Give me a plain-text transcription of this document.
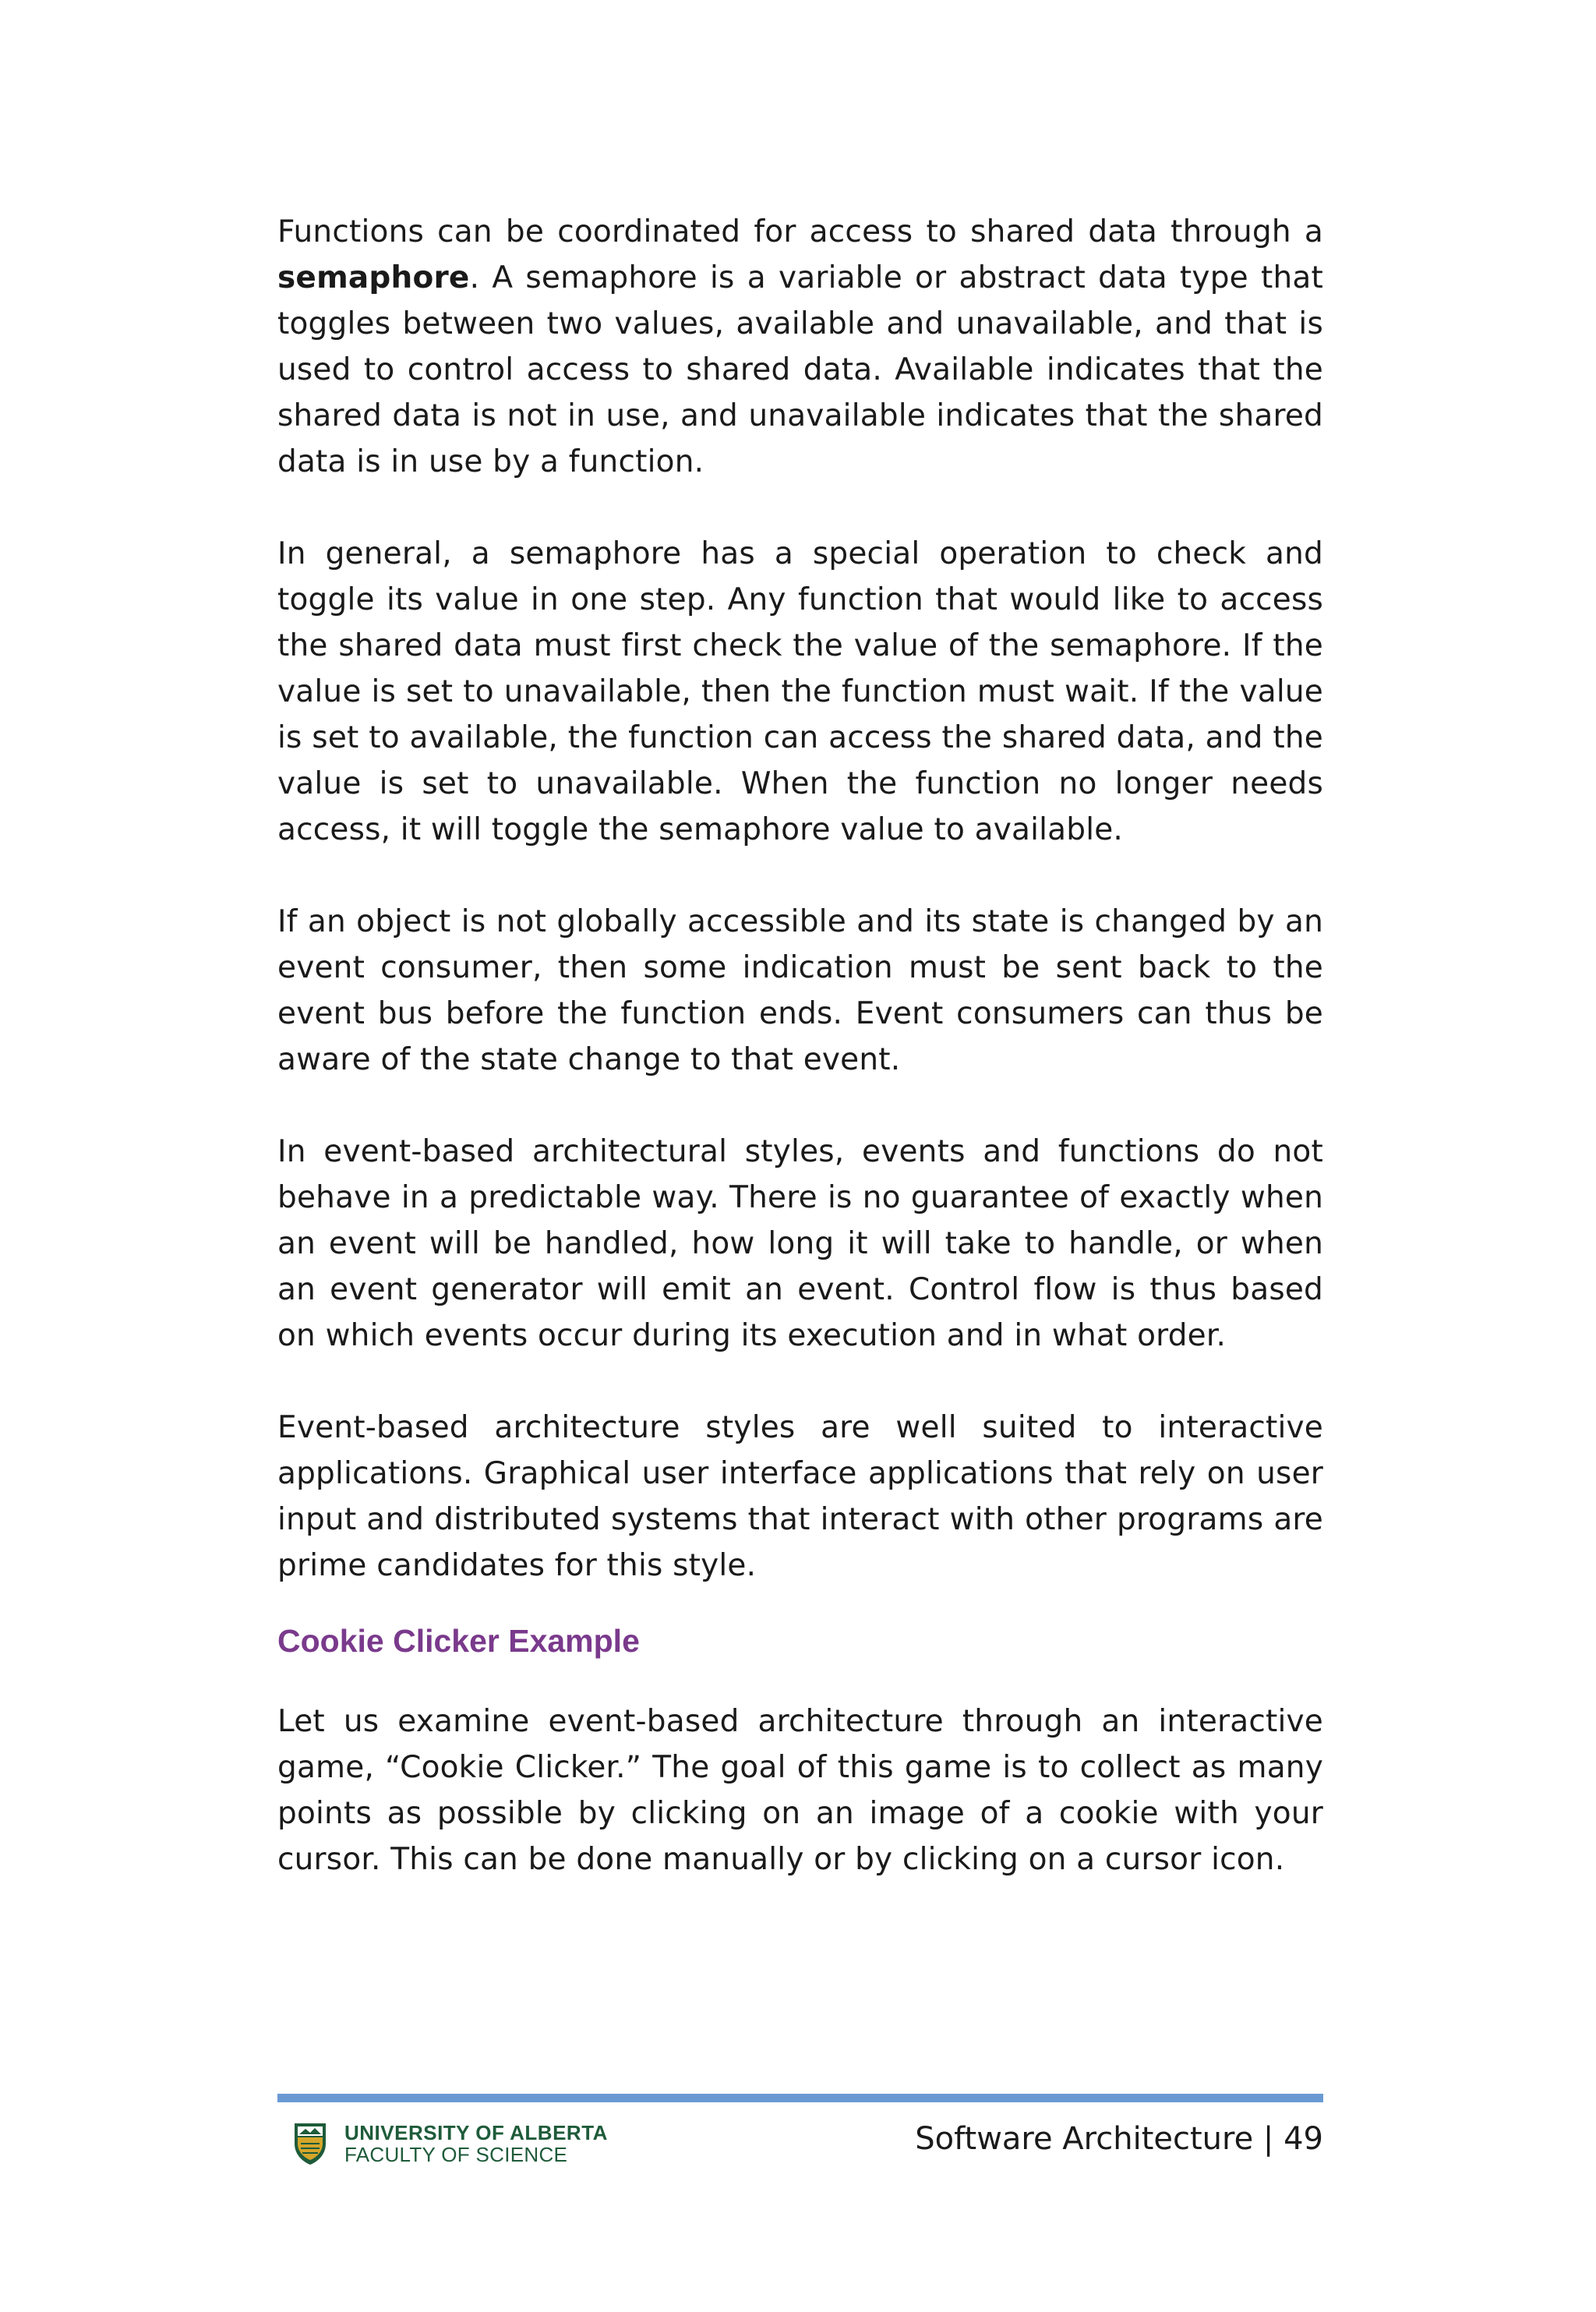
Functions can be coordinated for access to shared data through a semaphore. A semaphore is a variable or abstract data type that toggles between two values, available and unavailable, and that is used to control access to shared data. Available indicates that the shared data is not in use, and unavailable indicates that the shared data is in use by a function.

In general, a semaphore has a special operation to check and toggle its value in one step. Any function that would like to access the shared data must first check the value of the semaphore. If the value is set to unavailable, then the function must wait. If the value is set to available, the function can access the shared data, and the value is set to unavailable. When the function no longer needs access, it will toggle the semaphore value to available.

If an object is not globally accessible and its state is changed by an event consumer, then some indication must be sent back to the event bus before the function ends. Event consumers can thus be aware of the state change to that event.

In event-based architectural styles, events and functions do not behave in a predictable way. There is no guarantee of exactly when an event will be handled, how long it will take to handle, or when an event generator will emit an event. Control flow is thus based on which events occur during its execution and in what order.

Event-based architecture styles are well suited to interactive applications. Graphical user interface applications that rely on user input and distributed systems that interact with other programs are prime candidates for this style.

Cookie Clicker Example

Let us examine event-based architecture through an interactive game, “Cookie Clicker.” The goal of this game is to collect as many points as possible by clicking on an image of a cookie with your cursor. This can be done manually or by clicking on a cursor icon.

UNIVERSITY OF ALBERTA
FACULTY OF SCIENCE	Software Architecture | 49
